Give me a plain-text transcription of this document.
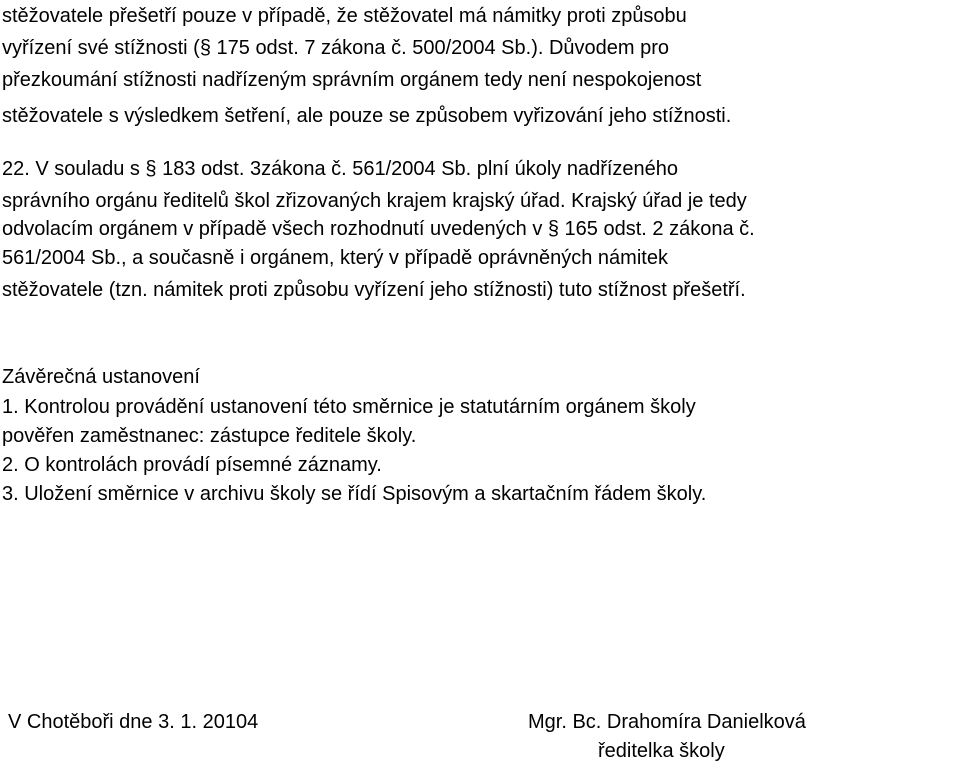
stěžovatele přešetří pouze v případě, že stěžovatel má námitky proti způsobu
vyřízení své stížnosti (§ 175 odst. 7 zákona č. 500/2004 Sb.). Důvodem pro
přezkoumání stížnosti nadřízeným správním orgánem tedy není nespokojenost
stěžovatele s výsledkem šetření, ale pouze se způsobem vyřizování jeho stížnosti.
22. V souladu s § 183 odst. 3zákona č. 561/2004 Sb. plní úkoly nadřízeného
správního orgánu ředitelů škol zřizovaných krajem krajský úřad. Krajský úřad je tedy
odvolacím orgánem v případě všech rozhodnutí uvedených v § 165 odst. 2 zákona č.
561/2004 Sb., a současně i orgánem, který v případě oprávněných námitek
stěžovatele (tzn. námitek proti způsobu vyřízení jeho stížnosti) tuto stížnost přešetří.
Závěrečná ustanovení
1. Kontrolou provádění ustanovení této směrnice je statutárním orgánem školy
pověřen zaměstnanec: zástupce ředitele školy.
2. O kontrolách provádí písemné záznamy.
3. Uložení směrnice v archivu školy se řídí Spisovým a skartačním řádem školy.
V Chotěboři dne 3. 1. 20104	Mgr. Bc. Drahomíra Danielková
ředitelka školy
